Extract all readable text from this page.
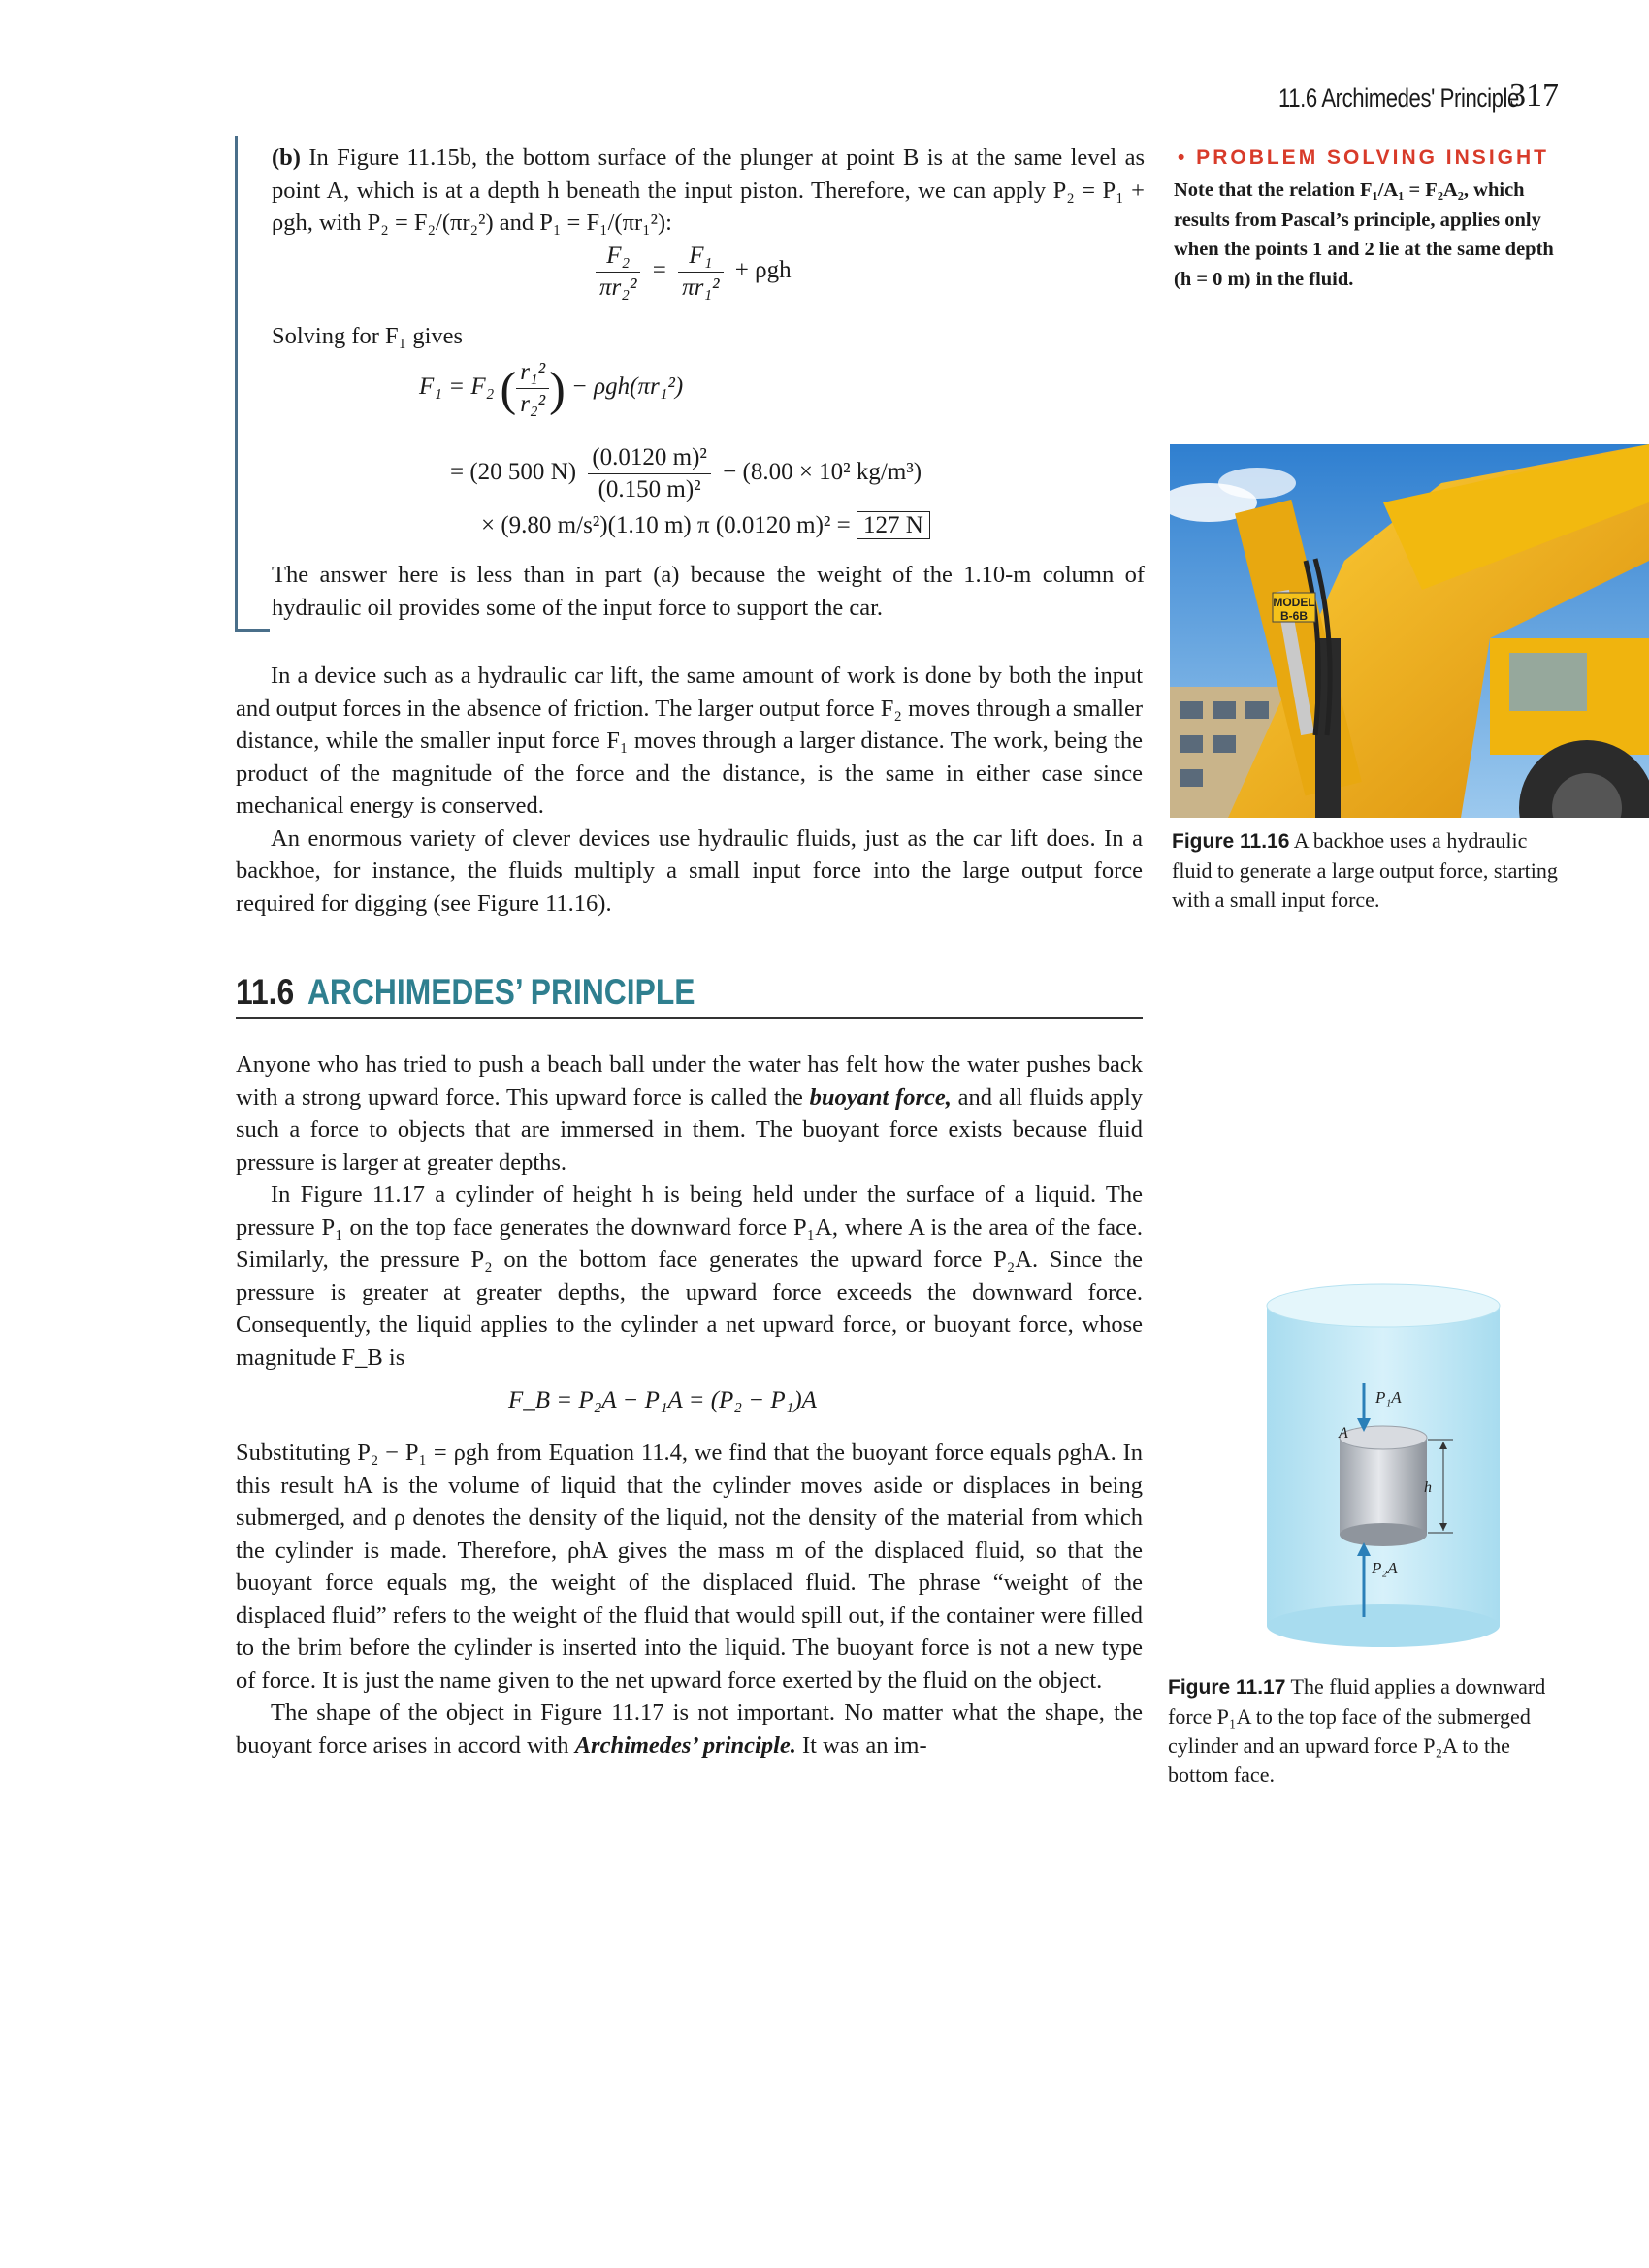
11.6 Archimedes' Principle
317

(b) In Figure 11.15b, the bottom surface of the plunger at point B is at the same level as point A, which is at a depth h beneath the input piston. Therefore, we can apply P₂ = P₁ + ρgh, with P₂ = F₂/(πr₂²) and P₁ = F₁/(πr₁²):

$\frac{\text{F₂}}{\text{πr₂²}} = \frac{\text{F₁}}{\text{πr₁²}} + \rho gh$
Solving for F₁ gives
F₁ = F₂ ( $\frac{\text{r₁²}}{\text{r₂²}}$ ) − ρgh(πr₁²)
= (20 500 $N) \frac{\text{(0.0120 m)²}}{\text{(0.150 m)²}} - (8.00 \times 10^2$ kg/m³)
× (9.80 m/s²)(1.10 m) π (0.0120 m)² = 127 N
The answer here is less than in part (a) because the weight of the 1.10-m column of hydraulic oil provides some of the input force to support the car.

In a device such as a hydraulic car lift, the same amount of work is done by both the input and output forces in the absence of friction. The larger output force F₂ moves through a smaller distance, while the smaller input force F₁ moves through a larger distance. The work, being the product of the magnitude of the force and the distance, is the same in either case since mechanical energy is conserved.

An enormous variety of clever devices use hydraulic fluids, just as the car lift does. In a backhoe, for instance, the fluids multiply a small input force into the large output force required for digging (see Figure 11.16).

11.6 ARCHIMEDES’ PRINCIPLE

Anyone who has tried to push a beach ball under the water has felt how the water pushes back with a strong upward force. This upward force is called the buoyant force, and all fluids apply such a force to objects that are immersed in them. The buoyant force exists because fluid pressure is larger at greater depths.

In Figure 11.17 a cylinder of height h is being held under the surface of a liquid. The pressure P₁ on the top face generates the downward force P₁A, where A is the area of the face. Similarly, the pressure P₂ on the bottom face generates the upward force P₂A. Since the pressure is greater at greater depths, the upward force exceeds the downward force. Consequently, the liquid applies to the cylinder a net upward force, or buoyant force, whose magnitude F_B is

F_B = P₂A − P₁A = (P₂ − P₁)A

Substituting P₂ − P₁ = ρgh from Equation 11.4, we find that the buoyant force equals ρghA. In this result hA is the volume of liquid that the cylinder moves aside or displaces in being submerged, and ρ denotes the density of the liquid, not the density of the material from which the cylinder is made. Therefore, ρhA gives the mass m of the displaced fluid, so that the buoyant force equals mg, the weight of the displaced fluid. The phrase “weight of the displaced fluid” refers to the weight of the fluid that would spill out, if the container were filled to the brim before the cylinder is inserted into the liquid. The buoyant force is not a new type of force. It is just the name given to the net upward force exerted by the fluid on the object.

The shape of the object in Figure 11.17 is not important. No matter what the shape, the buoyant force arises in accord with Archimedes’ principle. It was an im-

• PROBLEM SOLVING INSIGHT
Note that the relation F₁/A₁ = F₂A₂, which results from Pascal’s principle, applies only when the points 1 and 2 lie at the same depth (h = 0 m) in the fluid.
MODEL
B-6B
Figure 11.16 A backhoe uses a hydraulic fluid to generate a large output force, starting with a small input force.
P₁A
A
h
P₂A
Figure 11.17 The fluid applies a downward force P₁A to the top face of the submerged cylinder and an upward force P₂A to the bottom face.
